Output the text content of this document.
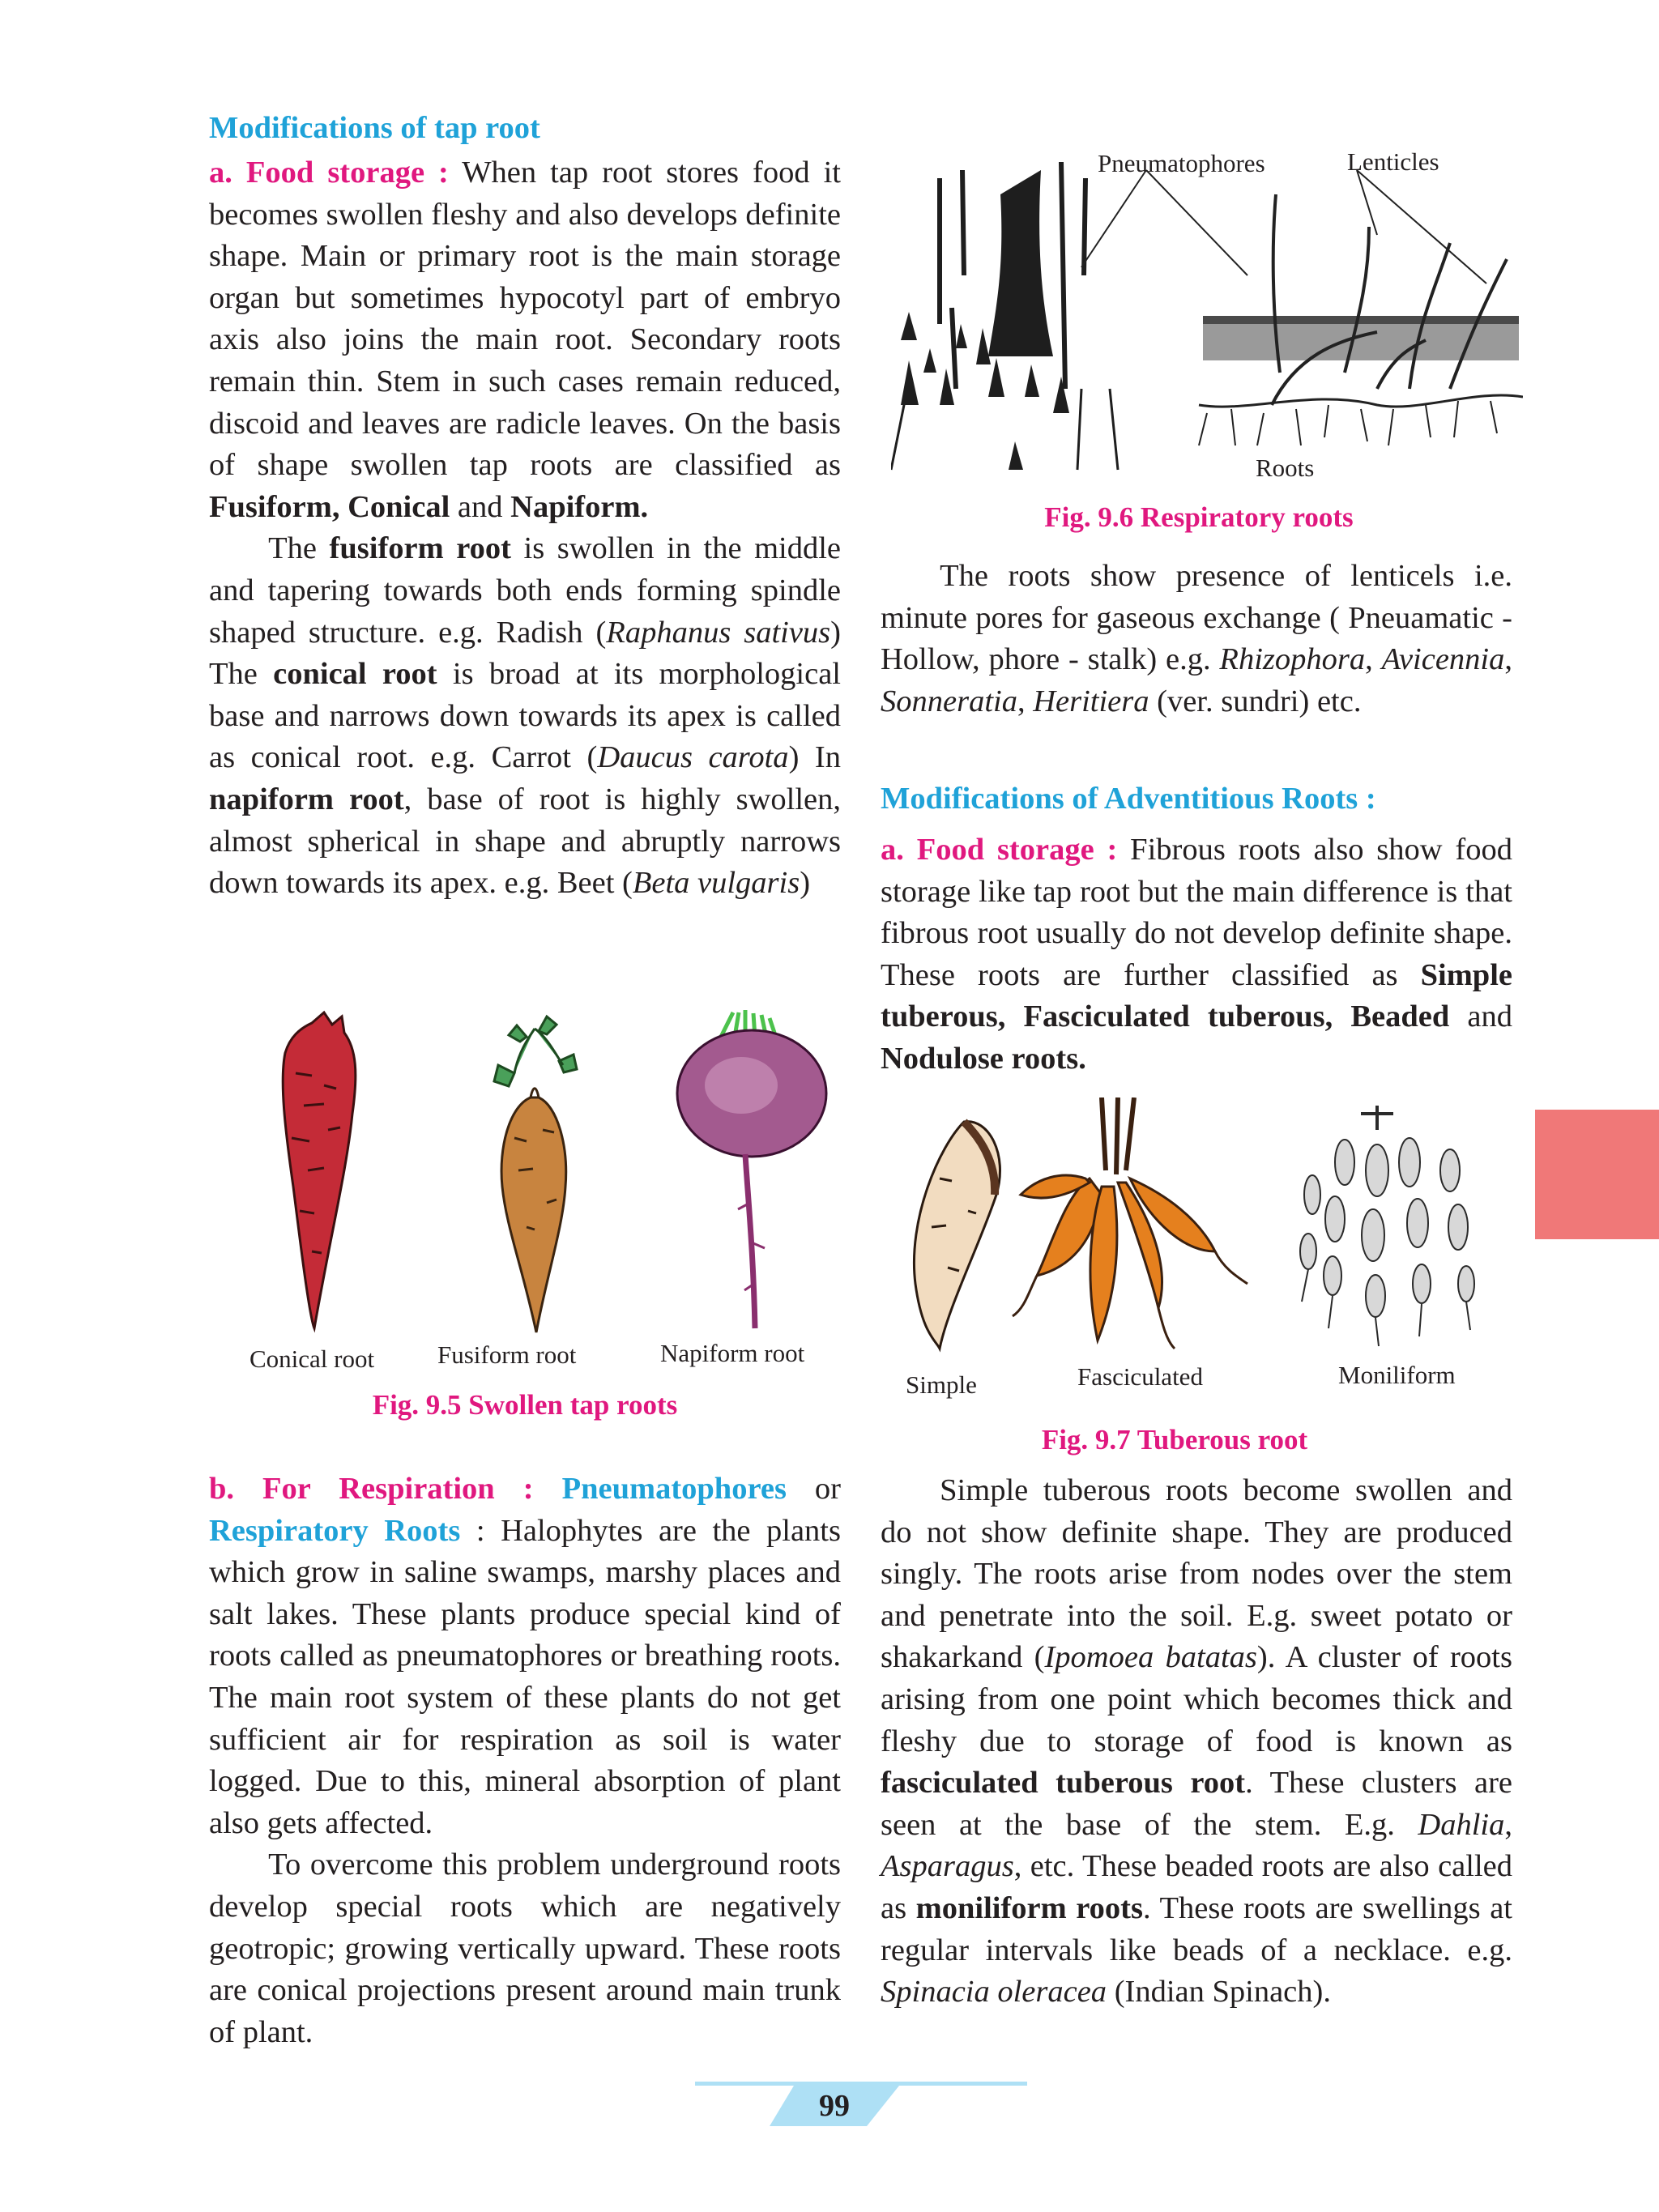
Modifications of tap root

a. Food storage : When tap root stores food it becomes swollen fleshy and also develops definite shape. Main or primary root is the main storage organ but sometimes hypocotyl part of embryo axis also joins the main root. Secondary roots remain thin. Stem in such cases remain reduced, discoid and leaves are radicle leaves. On the basis of shape swollen tap roots are classified as Fusiform, Conical and Napiform.

The fusiform root is swollen in the middle and tapering towards both ends forming spindle shaped structure. e.g. Radish (Raphanus sativus) The conical root is broad at its morphological base and narrows down towards its apex is called as conical root. e.g. Carrot (Daucus carota) In napiform root, base of root is highly swollen, almost spherical in shape and abruptly narrows down towards its apex. e.g. Beet (Beta vulgaris)

Conical root	Fusiform root	Napiform root
Fig. 9.5 Swollen tap roots

b. For Respiration : Pneumatophores or Respiratory Roots : Halophytes are the plants which grow in saline swamps, marshy places and salt lakes. These plants produce special kind of roots called as pneumatophores or breathing roots. The main root system of these plants do not get sufficient air for respiration as soil is water logged. Due to this, mineral absorption of plant also gets affected.

To overcome this problem underground roots develop special roots which are negatively geotropic; growing vertically upward. These roots are conical projections present around main trunk of plant.

Pneumatophores	Lenticles
Roots
Fig. 9.6 Respiratory roots

The roots show presence of lenticels i.e. minute pores for gaseous exchange ( Pneuamatic - Hollow, phore - stalk) e.g. Rhizophora, Avicennia, Sonneratia, Heritiera (ver. sundri) etc.

Modifications of Adventitious Roots :

a. Food storage : Fibrous roots also show food storage like tap root but the main difference is that fibrous root usually do not develop definite shape. These roots are further classified as Simple tuberous, Fasciculated tuberous, Beaded and Nodulose roots.

Simple	Fasciculated	Moniliform
Fig. 9.7 Tuberous root

Simple tuberous roots become swollen and do not show definite shape. They are produced singly. The roots arise from nodes over the stem and penetrate into the soil. E.g. sweet potato or shakarkand (Ipomoea batatas). A cluster of roots arising from one point which becomes thick and fleshy due to storage of food is known as fasciculated tuberous root. These clusters are seen at the base of the stem. E.g. Dahlia, Asparagus, etc. These beaded roots are also called as moniliform roots. These roots are swellings at regular intervals like beads of a necklace. e.g. Spinacia oleracea (Indian Spinach).

99
